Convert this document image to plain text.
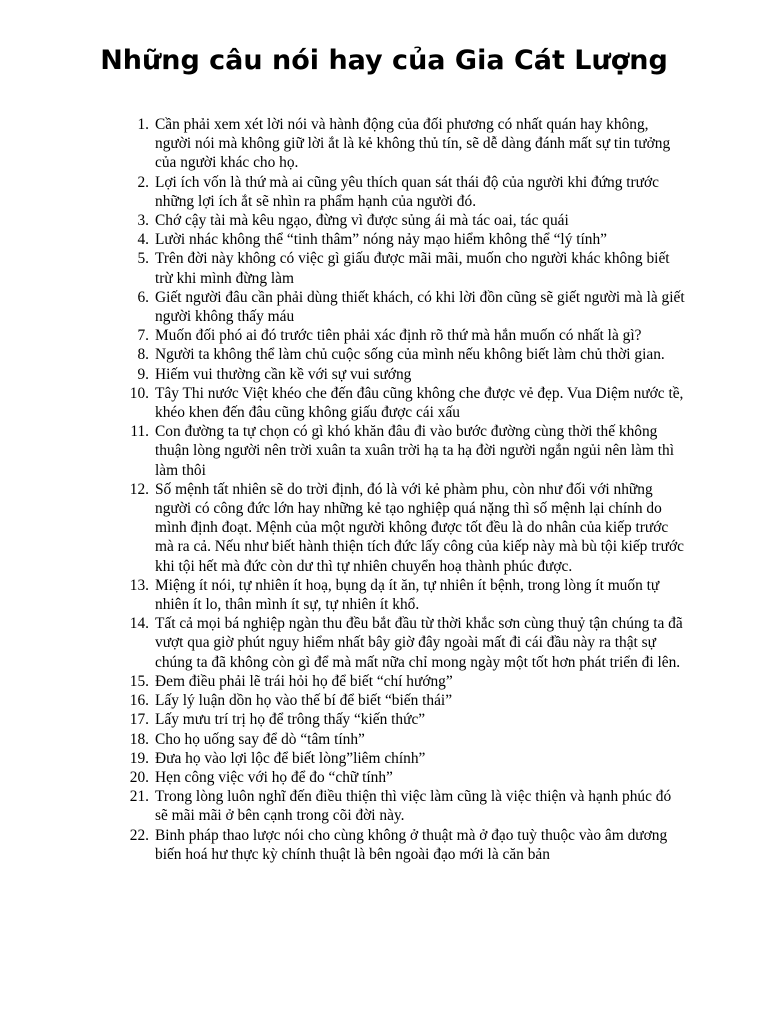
Những câu nói hay của Gia Cát Lượng
1. Cần phải xem xét lời nói và hành động của đối phương có nhất quán hay không, người nói mà không giữ lời ắt là kẻ không thủ tín, sẽ dễ dàng đánh mất sự tin tưởng của người khác cho họ.
2. Lợi ích vốn là thứ mà ai cũng yêu thích quan sát thái độ của người khi đứng trước những lợi ích ắt sẽ nhìn ra phẩm hạnh của người đó.
3. Chớ cậy tài mà kêu ngạo, đừng vì được sủng ái mà tác oai, tác quái
4. Lười nhác không thể “tinh thâm” nóng nảy mạo hiểm không thể “lý tính”
5. Trên đời này không có việc gì giấu được mãi mãi, muốn cho người khác không biết trừ khi mình đừng làm
6. Giết người đâu cần phải dùng thiết khách, có khi lời đồn cũng sẽ giết người mà là giết người không thấy máu
7. Muốn đối phó ai đó trước tiên phải xác định rõ thứ mà hắn muốn có nhất là gì?
8. Người ta không thể làm chủ cuộc sống của mình nếu không biết làm chủ thời gian.
9. Hiếm vui thường cần kề với sự vui sướng
10. Tây Thi nước Việt khéo che đến đâu cũng không che được vẻ đẹp. Vua Diệm nước tề, khéo khen đến đâu cũng không giấu được cái xấu
11. Con đường ta tự chọn có gì khó khăn đâu đi vào bước đường cùng thời thế không thuận lòng người nên trời xuân ta xuân trời hạ ta hạ đời người ngắn ngủi nên làm thì làm thôi
12. Số mệnh tất nhiên sẽ do trời định, đó là với kẻ phàm phu, còn như đối với những người có công đức lớn hay những kẻ tạo nghiệp quá nặng thì số mệnh lại chính do mình định đoạt. Mệnh của một người không được tốt đều là do nhân của kiếp trước mà ra cả. Nếu như biết hành thiện tích đức lấy công của kiếp này mà bù tội kiếp trước khi tội hết mà đức còn dư thì tự nhiên chuyển hoạ thành phúc được.
13. Miệng ít nói, tự nhiên ít hoạ, bụng dạ ít ăn, tự nhiên ít bệnh, trong lòng ít muốn tự nhiên ít lo, thân mình ít sự, tự nhiên ít khổ.
14. Tất cả mọi bá nghiệp ngàn thu đều bắt đầu từ thời khắc sơn cùng thuỷ tận chúng ta đã vượt qua giờ phút nguy hiểm nhất bây giờ đây ngoài mất đi cái đầu này ra thật sự chúng ta đã không còn gì để mà mất nữa chỉ mong ngày một tốt hơn phát triển đi lên.
15. Đem điều phải lẽ trái hỏi họ để biết “chí hướng”
16. Lấy lý luận dồn họ vào thế bí để biết “biến thái”
17. Lấy mưu trí trị họ để trông thấy “kiến thức”
18. Cho họ uống say để dò “tâm tính”
19. Đưa họ vào lợi lộc để biết lòng”liêm chính”
20. Hẹn công việc với họ để đo “chữ tính”
21. Trong lòng luôn nghĩ đến điều thiện thì việc làm cũng là việc thiện và hạnh phúc đó sẽ mãi mãi ở bên cạnh trong cõi đời này.
22. Binh pháp thao lược nói cho cùng không ở thuật mà ở đạo tuỳ thuộc vào âm dương biến hoá hư thực kỳ chính thuật là bên ngoài đạo mới là căn bản
